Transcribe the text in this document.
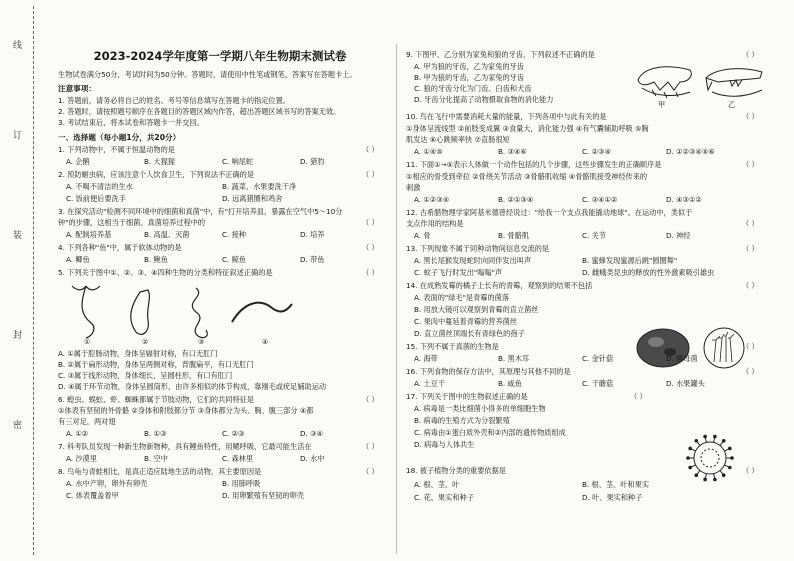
线
订
装
封
密
2023-2024学年度第一学期八年生物期末测试卷
生物试卷满分50分，考试时间为50分钟。答题时，请使用中性笔或钢笔，答案写在答题卡上。
注意事项：
1. 答题前，请务必将自己的姓名、考号等信息填写在答题卡的指定位置。
2. 答题时，请按照题号顺序在各题目的答题区域内作答，超出答题区域书写的答案无效。
3. 考试结束后，将本试卷和答题卡一并交回。
一、选择题（每小题1分，共20分）
1. 下列动物中，不属于恒温动物的是	（ ）
A. 企鹅	B. 大猩猩	C. 响尾蛇	D. 猎豹
2. 预防蛔虫病，应该注意个人饮食卫生，下列说法不正确的是	（ ）
A. 不喝不清洁的生水	B. 蔬菜、水果要洗干净
C. 饭前便后要洗手	D. 远离猪圈和鸡舍
3. 在探究活动"检测不同环境中的细菌和真菌"中，有"打开培养皿，暴露在空气中5～10分
钟"的步骤，这相当于细菌、真菌培养过程中的	（ ）
A. 配制培养基	B. 高温、灭菌	C. 接种	D. 培养
4. 下列各种"鱼"中，属于软体动物的是	（ ）
A. 鲫鱼	B. 鲍鱼	C. 鲸鱼	D. 带鱼
5. 下列关于图中①、②、③、④四种生物的分类和特征叙述正确的是	（ ）
①	②	③	④
A. ①属于腔肠动物，身体呈辐射对称，有口无肛门
B. ②属于扁形动物，身体呈两侧对称，背腹扁平，有口无肛门
C. ③属于线形动物，身体细长，呈圆柱形，有口有肛门
D. ④属于环节动物，身体呈圆筒形，由许多相似的体节构成，靠刚毛或疣足辅助运动
6. 蝗虫、蜈蚣、虾、蜘蛛都属于节肢动物，它们的共同特征是	（ ）
①体表有坚韧的外骨骼 ②身体和附肢都分节 ③身体都分为头、胸、腹三部分 ④都
有三对足，两对翅
A. ①②	B. ①③	C. ②③	D. ③④
7. 科考队员发现一种新生物新物种，具有鲤鱼特性，用鳃呼吸，它最可能生活在	（ ）
A. 沙漠里	B. 空中	C. 森林里	D. 水中
8. 鸟龟与青蛙相比，是真正适应陆地生活的动物，其主要原因是	（ ）
A. 水中产卵，卵外有卵壳	B. 用肺呼吸
C. 体表覆盖着甲	D. 用卵繁殖有坚韧的卵壳
9. 下图甲、乙分别为家兔和狼的牙齿，下列叙述不正确的是	（ ）
A. 甲为狼的牙齿，乙为家兔的牙齿
B. 甲为狼的牙齿，乙为家兔的牙齿
C. 狼的牙齿分化为门齿、臼齿和犬齿
D. 牙齿分化提高了动物摄取食物的消化能力
甲	乙
10. 鸟在飞行中需要消耗大量的能量，下列各项中与此有关的是	（ ）
①身体呈流线型 ②前肢变成翼 ③食量大，消化能力强 ④有气囊辅助呼吸 ⑤胸
肌发达 ⑥心跳频率快 ⑦直肠很短
A. ①④⑤	B. ③④⑥	C. ②③④	D. ①②③④⑤⑥
11. 下面①→⑤表示人体做一个动作包括的几个步骤，这些步骤发生的正确顺序是	（ ）
①相应的骨受到牵拉 ②骨绕关节活动 ③骨骼肌收缩 ④骨骼肌接受神经传来的
刺激
A. ①②③④	B. ②①③④	C. ③④①②	D. ④③①②
12. 古希腊物理学家阿基米德曾经说过："给我一个支点我能撬动地球"。在运动中，类似于
支点作用的结构是	（ ）
A. 骨	B. 骨骼肌	C. 关节	D. 神经
13. 下列现象不属于同种动物间信息交流的是	（ ）
A. 黑长尾猴发现蛇时向同伴发出叫声	B. 蜜蜂发现蜜源后跳"圆圈舞"
C. 蚊子飞行时发出"嗡嗡"声	D. 雌蛾类昆虫的释放的性外激素吸引雄虫
14. 在成熟发霉的橘子上长有的青霉，观察到的结果不包括	（ ）
A. 表面的"绿毛"是青霉的菌落
B. 用放大镜可以观察到青霉的直立菌丝
C. 果肉中蔓延着青霉的营养菌丝
D. 直立菌丝顶端长有青绿色的孢子
15. 下列不属于真菌的生物是	（ ）
A. 海带	B. 黑木耳	C. 金针菇	D. 酵母菌
16. 下列食物的保存方法中，其原理与其他不同的是	（ ）
A. 土豆干	B. 咸鱼	C. 干蘑菇	D. 水果罐头
17. 下列关于图中的生物叙述正确的是	（ ）
A. 病毒是一类比细菌小得多的单细胞生物
B. 病毒的生殖方式为分裂繁殖
C. 病毒由①蛋白质外壳和②内部的遗传物质组成
D. 病毒与人体共生
18. 被子植物分类的重要依据是	（ ）
A. 根、茎、叶	B. 根、茎、叶和果实
C. 花、果实和种子	D. 叶、果实和种子
